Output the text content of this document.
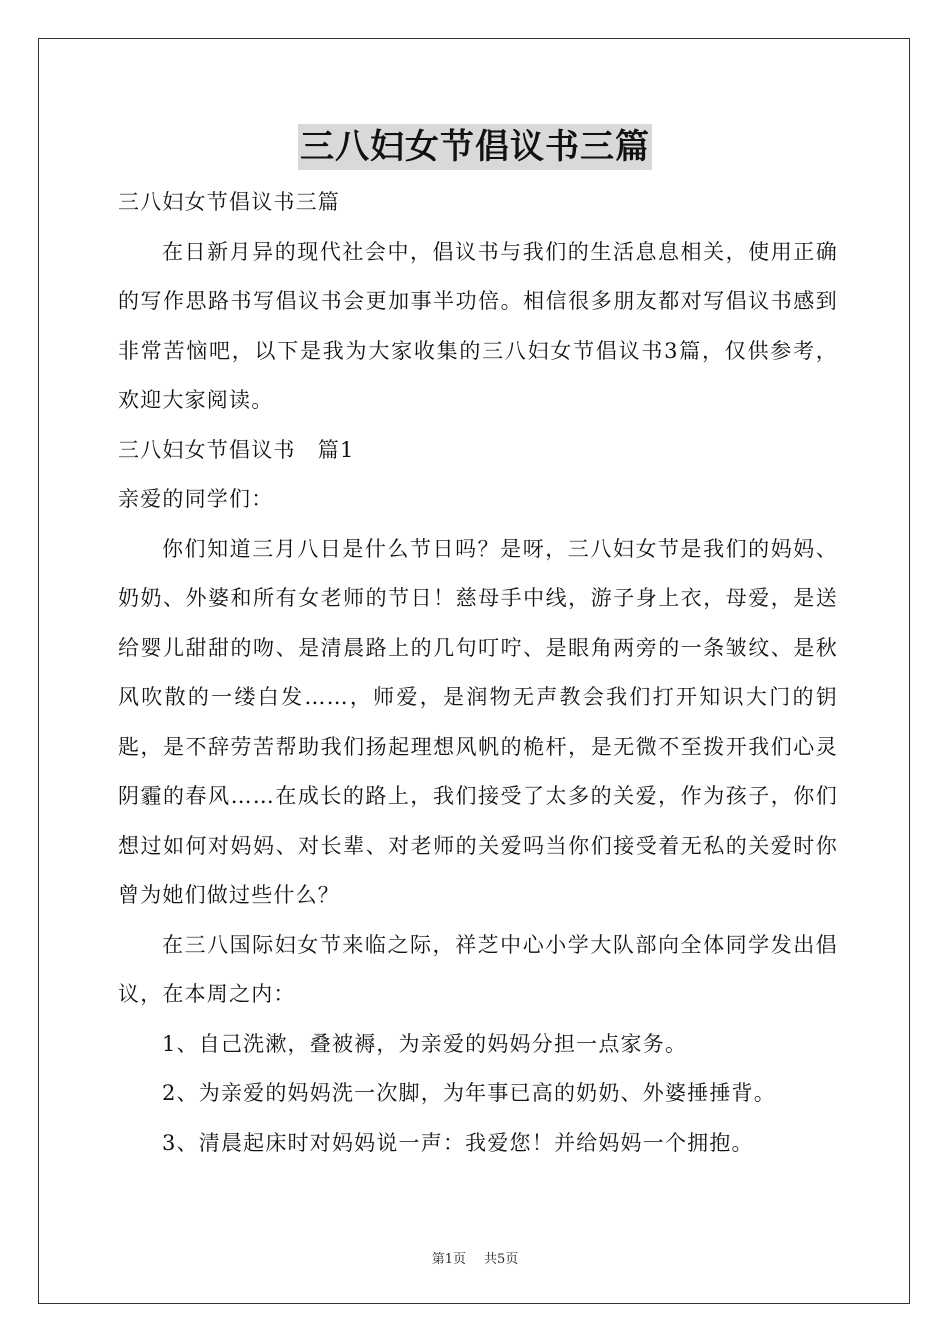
三八妇女节倡议书三篇

三八妇女节倡议书三篇

在日新月异的现代社会中，倡议书与我们的生活息息相关，使用正确的写作思路书写倡议书会更加事半功倍。相信很多朋友都对写倡议书感到非常苦恼吧，以下是我为大家收集的三八妇女节倡议书3篇，仅供参考，欢迎大家阅读。

三八妇女节倡议书　篇1

亲爱的同学们：

你们知道三月八日是什么节日吗？是呀，三八妇女节是我们的妈妈、奶奶、外婆和所有女老师的节日！慈母手中线，游子身上衣，母爱，是送给婴儿甜甜的吻、是清晨路上的几句叮咛、是眼角两旁的一条皱纹、是秋风吹散的一缕白发……，师爱，是润物无声教会我们打开知识大门的钥匙，是不辞劳苦帮助我们扬起理想风帆的桅杆，是无微不至拨开我们心灵阴霾的春风……在成长的路上，我们接受了太多的关爱，作为孩子，你们想过如何对妈妈、对长辈、对老师的关爱吗当你们接受着无私的关爱时你曾为她们做过些什么？

在三八国际妇女节来临之际，祥芝中心小学大队部向全体同学发出倡议，在本周之内：

1、自己洗漱，叠被褥，为亲爱的妈妈分担一点家务。

2、为亲爱的妈妈洗一次脚，为年事已高的奶奶、外婆捶捶背。

3、清晨起床时对妈妈说一声：我爱您！并给妈妈一个拥抱。

第1页 共5页
